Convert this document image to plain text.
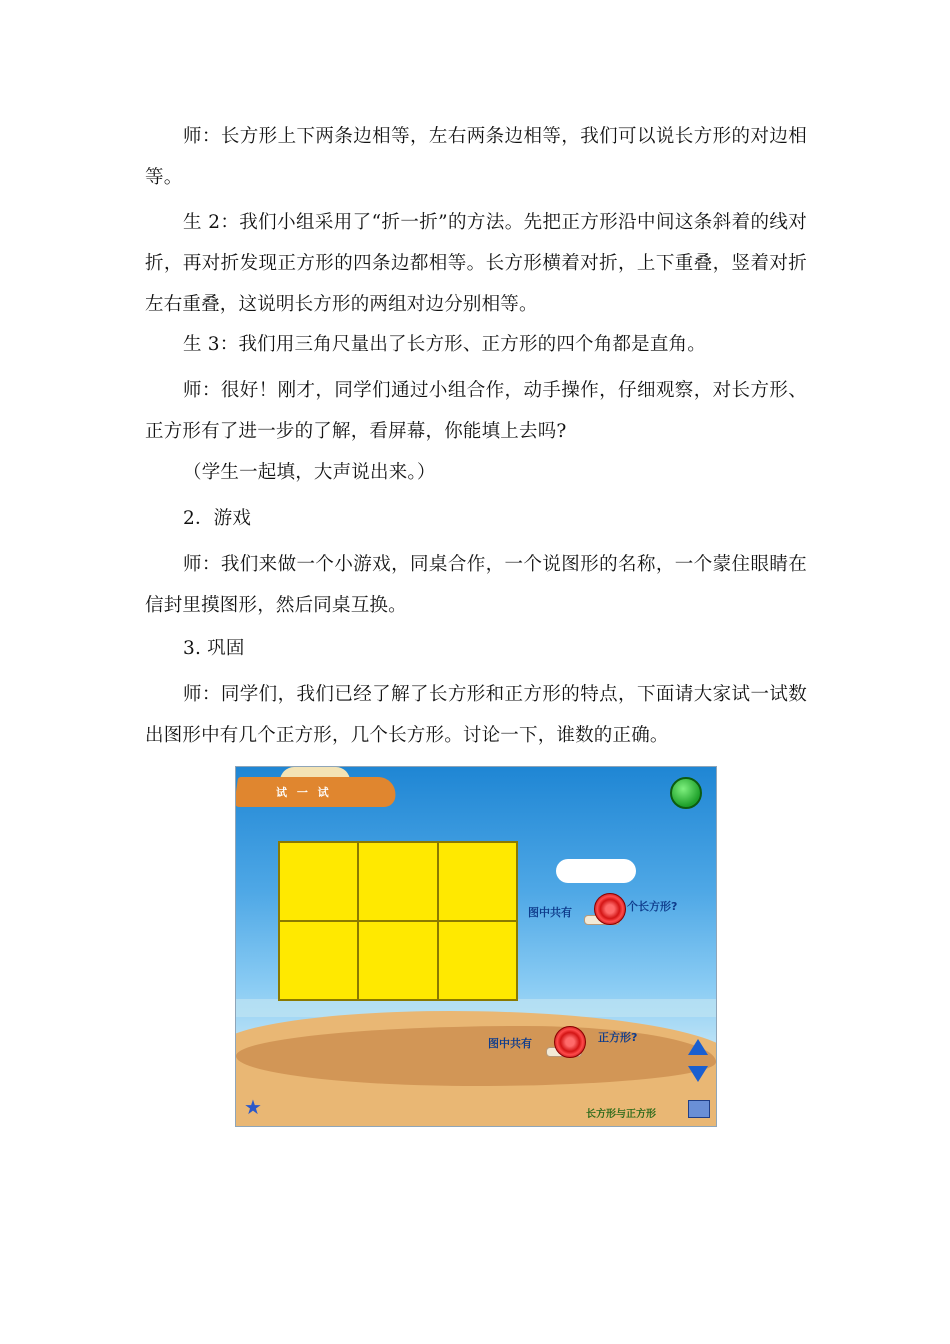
师：长方形上下两条边相等，左右两条边相等，我们可以说长方形的对边相等。

生 2：我们小组采用了“折一折”的方法。先把正方形沿中间这条斜着的线对折，再对折发现正方形的四条边都相等。长方形横着对折，上下重叠，竖着对折左右重叠，这说明长方形的两组对边分别相等。

生 3：我们用三角尺量出了长方形、正方形的四个角都是直角。

师：很好！刚才，同学们通过小组合作，动手操作，仔细观察，对长方形、正方形有了进一步的了解，看屏幕，你能填上去吗?

（学生一起填，大声说出来。）

2．游戏

师：我们来做一个小游戏，同桌合作，一个说图形的名称，一个蒙住眼睛在信封里摸图形，然后同桌互换。

3. 巩固

师：同学们，我们已经了解了长方形和正方形的特点，下面请大家试一试数出图形中有几个正方形，几个长方形。讨论一下，谁数的正确。

试 一 试
图中共有	个长方形?
图中共有	正方形?
★	长方形与正方形
